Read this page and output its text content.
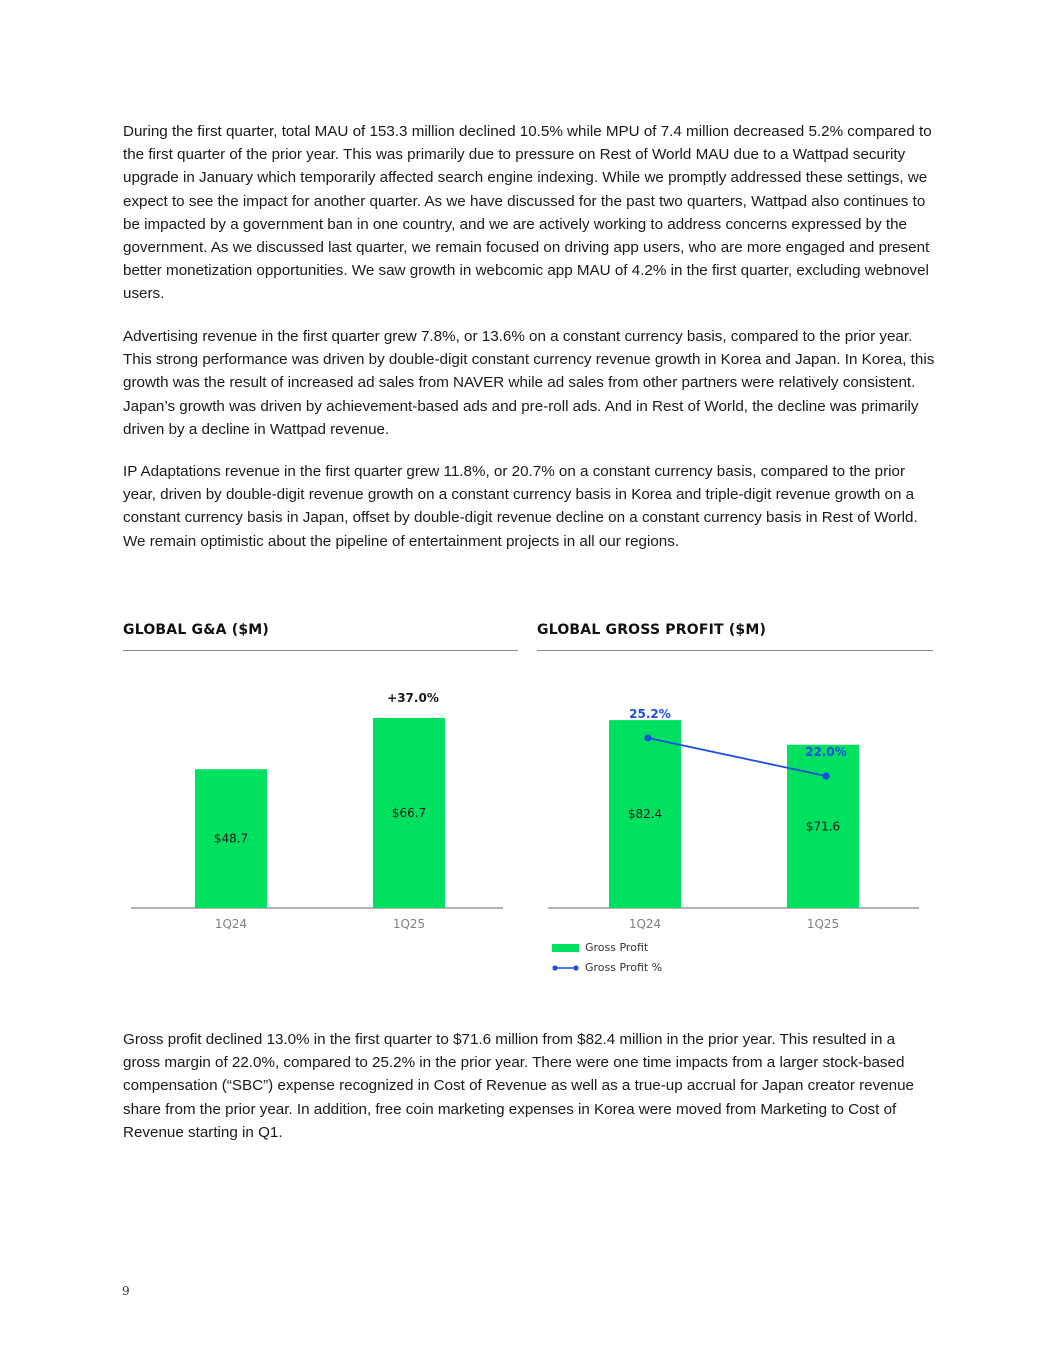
During the first quarter, total MAU of 153.3 million declined 10.5% while MPU of 7.4 million decreased 5.2% compared to the first quarter of the prior year. This was primarily due to pressure on Rest of World MAU due to a Wattpad security upgrade in January which temporarily affected search engine indexing. While we promptly addressed these settings, we expect to see the impact for another quarter. As we have discussed for the past two quarters, Wattpad also continues to be impacted by a government ban in one country, and we are actively working to address concerns expressed by the government. As we discussed last quarter, we remain focused on driving app users, who are more engaged and present better monetization opportunities. We saw growth in webcomic app MAU of 4.2% in the first quarter, excluding webnovel users.

Advertising revenue in the first quarter grew 7.8%, or 13.6% on a constant currency basis, compared to the prior year. This strong performance was driven by double-digit constant currency revenue growth in Korea and Japan. In Korea, this growth was the result of increased ad sales from NAVER while ad sales from other partners were relatively consistent. Japan’s growth was driven by achievement-based ads and pre-roll ads. And in Rest of World, the decline was primarily driven by a decline in Wattpad revenue.

IP Adaptations revenue in the first quarter grew 11.8%, or 20.7% on a constant currency basis, compared to the prior year, driven by double-digit revenue growth on a constant currency basis in Korea and triple-digit revenue growth on a constant currency basis in Japan, offset by double-digit revenue decline on a constant currency basis in Rest of World. We remain optimistic about the pipeline of entertainment projects in all our regions.

GLOBAL G&A ($M)
$48.7
1Q24
$66.7
1Q25
+37.0%
GLOBAL GROSS PROFIT ($M)
$82.4
1Q24
$71.6
1Q25
25.2%
22.0%
Gross Profit
Gross Profit %

Gross profit declined 13.0% in the first quarter to $71.6 million from $82.4 million in the prior year. This resulted in a gross margin of 22.0%, compared to 25.2% in the prior year. There were one time impacts from a larger stock-based compensation (“SBC”) expense recognized in Cost of Revenue as well as a true-up accrual for Japan creator revenue share from the prior year. In addition, free coin marketing expenses in Korea were moved from Marketing to Cost of Revenue starting in Q1.

9
